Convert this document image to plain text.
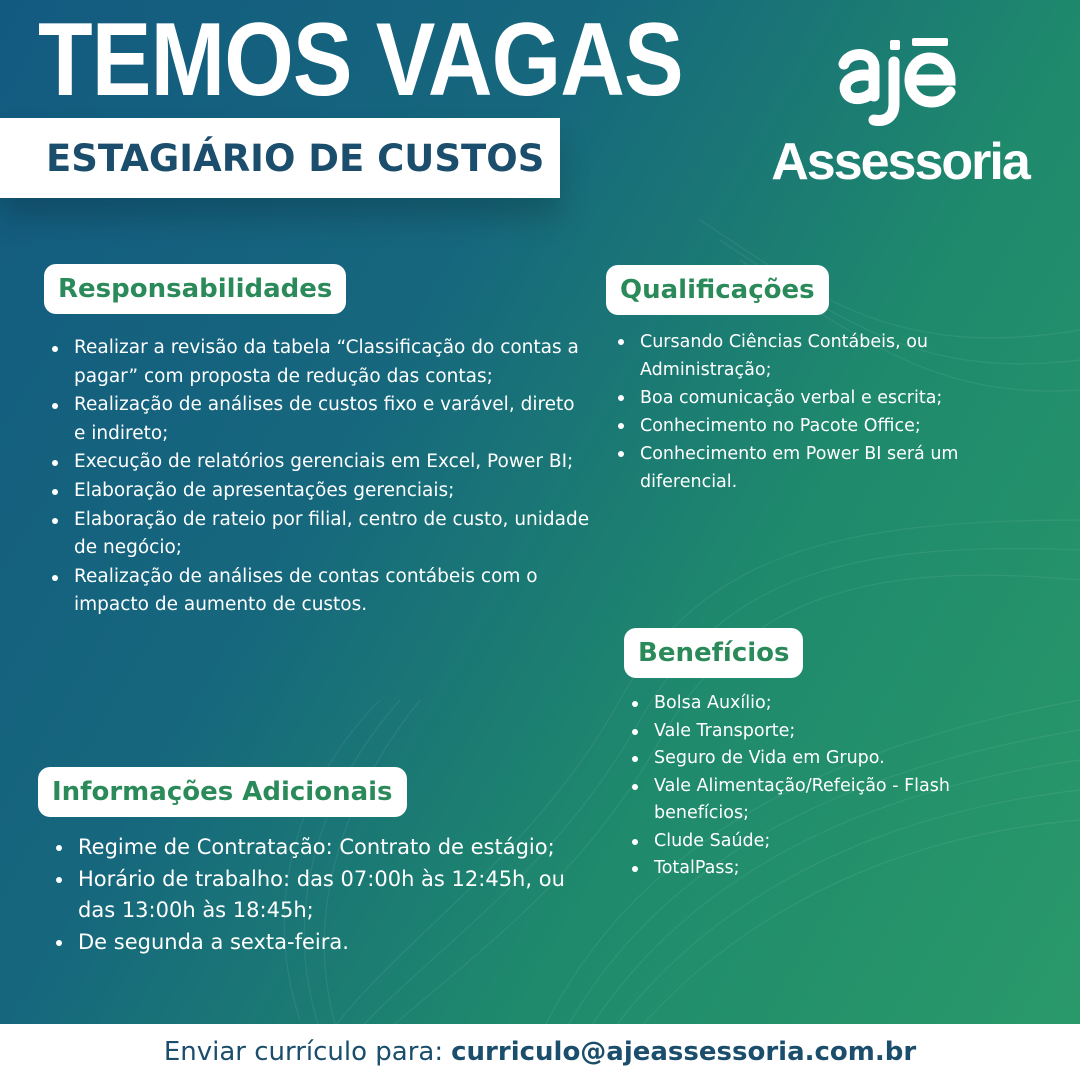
TEMOS VAGAS
ESTAGIÁRIO DE CUSTOS	Assessoria
Responsabilidades
Realizar a revisão da tabela “Classificação do contas a pagar” com proposta de redução das contas;
Realização de análises de custos fixo e varável, direto e indireto;
Execução de relatórios gerenciais em Excel, Power BI;
Elaboração de apresentações gerenciais;
Elaboração de rateio por filial, centro de custo, unidade de negócio;
Realização de análises de contas contábeis com o impacto de aumento de custos.
Qualificações
Cursando Ciências Contábeis, ou Administração;
Boa comunicação verbal e escrita;
Conhecimento no Pacote Office;
Conhecimento em Power BI será um diferencial.
Benefícios
Bolsa Auxílio;
Vale Transporte;
Seguro de Vida em Grupo.
Vale Alimentação/Refeição - Flash benefícios;
Clude Saúde;
TotalPass;
Informações Adicionais
Regime de Contratação: Contrato de estágio;
Horário de trabalho: das 07:00h às 12:45h, ou das 13:00h às 18:45h;
De segunda a sexta-feira.
Enviar currículo para: curriculo@ajeassessoria.com.br
